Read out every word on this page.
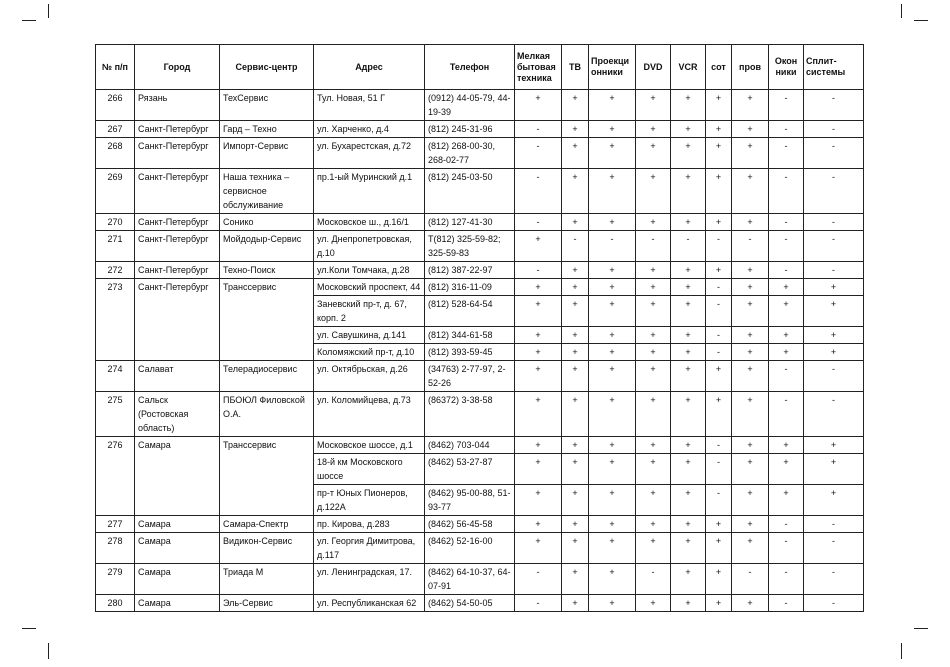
№ п/п	Город	Сервис-центр	Адрес	Телефон	Мелкая бытовая техника	ТВ	Проекци онники	DVD	VCR	сот	пров	Окон ники	Сплит- системы
266	Рязань	ТехСервис	Тул. Новая, 51 Г	(0912) 44-05-79, 44-19-39	+	+	+	+	+	+	+	-	-
267	Санкт-Петербург	Гард – Техно	ул. Харченко, д.4	(812) 245-31-96	-	+	+	+	+	+	+	-	-
268	Санкт-Петербург	Импорт-Сервис	ул. Бухарестская, д.72	(812) 268-00-30, 268-02-77	-	+	+	+	+	+	+	-	-
269	Санкт-Петербург	Наша техника – сервисное обслуживание	пр.1-ый Муринский д.1	(812) 245-03-50	-	+	+	+	+	+	+	-	-
270	Санкт-Петербург	Сонико	Московское ш., д.16/1	(812) 127-41-30	-	+	+	+	+	+	+	-	-
271	Санкт-Петербург	Мойдодыр-Сервис	ул. Днепропетровская, д.10	Т(812) 325-59-82; 325-59-83	+	-	-	-	-	-	-	-	-
272	Санкт-Петербург	Техно-Поиск	ул.Коли Томчака, д.28	(812) 387-22-97	-	+	+	+	+	+	+	-	-
273	Санкт-Петербург	Транссервис	Московский проспект, 44	(812) 316-11-09	+	+	+	+	+	-	+	+	+
			Заневский пр-т, д. 67, корп. 2	(812) 528-64-54	+	+	+	+	+	-	+	+	+
			ул. Савушкина, д.141	(812) 344-61-58	+	+	+	+	+	-	+	+	+
			Коломяжский пр-т, д.10	(812) 393-59-45	+	+	+	+	+	-	+	+	+
274	Салават	Телерадиосервис	ул. Октябрьская, д.26	(34763) 2-77-97, 2-52-26	+	+	+	+	+	+	+	-	-
275	Сальск (Ростовская область)	ПБОЮЛ Филовской О.А.	ул. Коломийцева, д.73	(86372) 3-38-58	+	+	+	+	+	+	+	-	-
276	Самара	Транссервис	Московское шоссе, д.1	(8462) 703-044	+	+	+	+	+	-	+	+	+
			18-й км Московского шоссе	(8462) 53-27-87	+	+	+	+	+	-	+	+	+
			пр-т Юных Пионеров, д.122А	(8462) 95-00-88, 51-93-77	+	+	+	+	+	-	+	+	+
277	Самара	Самара-Спектр	пр. Кирова, д.283	(8462) 56-45-58	+	+	+	+	+	+	+	-	-
278	Самара	Видикон-Сервис	ул. Георгия Димитрова, д.117	(8462) 52-16-00	+	+	+	+	+	+	+	-	-
279	Самара	Триада М	ул. Ленинградская, 17.	(8462) 64-10-37, 64-07-91	-	+	+	-	+	+	-	-	-
280	Самара	Эль-Сервис	ул. Республиканская 62	(8462) 54-50-05	-	+	+	+	+	+	+	-	-
